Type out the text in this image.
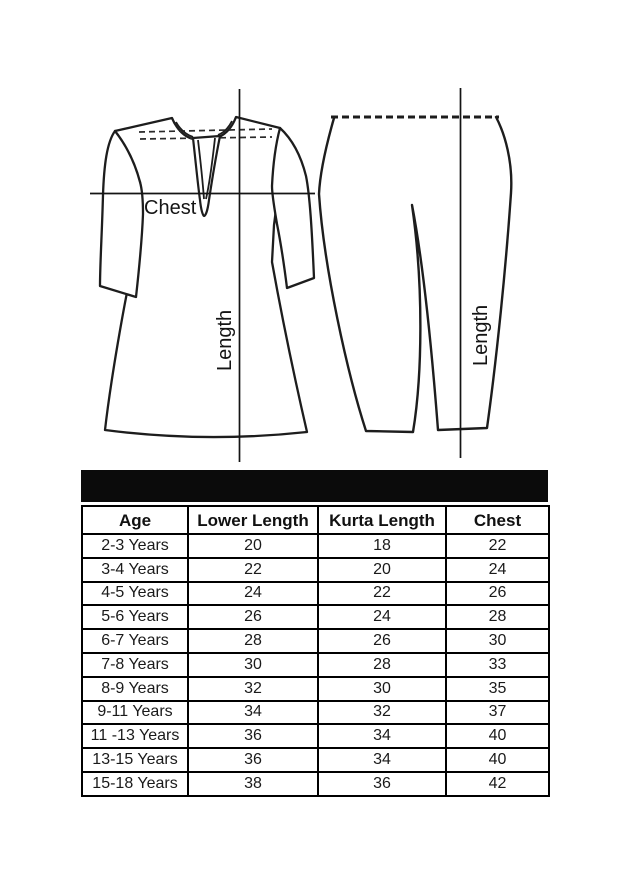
Chest
Length	Length
Age	Lower Length	Kurta Length	Chest
2-3 Years	20	18	22
3-4 Years	22	20	24
4-5 Years	24	22	26
5-6 Years	26	24	28
6-7 Years	28	26	30
7-8 Years	30	28	33
8-9 Years	32	30	35
9-11 Years	34	32	37
11 -13 Years	36	34	40
13-15 Years	36	34	40
15-18 Years	38	36	42
